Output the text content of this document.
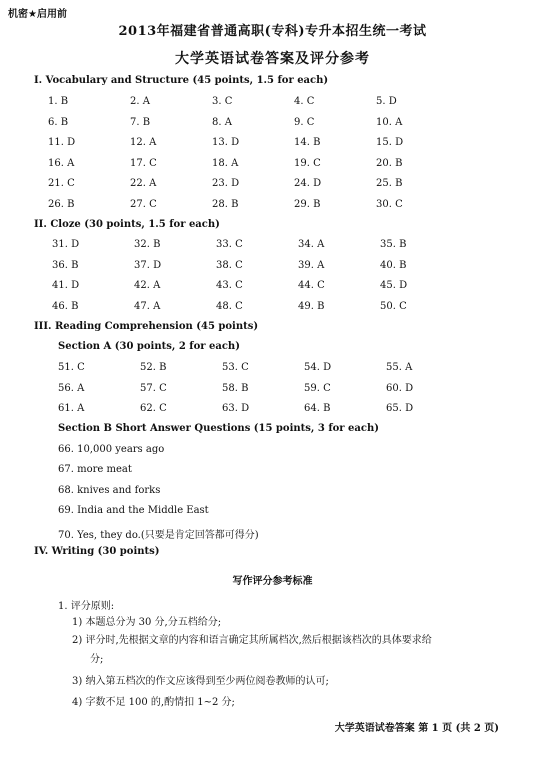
机密★启用前
2013年福建省普通高职(专科)专升本招生统一考试
大学英语试卷答案及评分参考
I. Vocabulary and Structure (45 points, 1.5 for each)
1. B	2. A	3. C	4. C	5. D
6. B	7. B	8. A	9. C	10. A
11. D	12. A	13. D	14. B	15. D
16. A	17. C	18. A	19. C	20. B
21. C	22. A	23. D	24. D	25. B
26. B	27. C	28. B	29. B	30. C
II. Cloze (30 points, 1.5 for each)
31. D	32. B	33. C	34. A	35. B
36. B	37. D	38. C	39. A	40. B
41. D	42. A	43. C	44. C	45. D
46. B	47. A	48. C	49. B	50. C
III. Reading Comprehension (45 points)
Section A (30 points, 2 for each)
51. C	52. B	53. C	54. D	55. A
56. A	57. C	58. B	59. C	60. D
61. A	62. C	63. D	64. B	65. D
Section B Short Answer Questions (15 points, 3 for each)
66. 10,000 years ago
67. more meat
68. knives and forks
69. India and the Middle East
70. Yes, they do.(只要是肯定回答都可得分)
IV. Writing (30 points)
写作评分参考标准
1. 评分原则:
1) 本题总分为 30 分,分五档给分;
2) 评分时,先根据文章的内容和语言确定其所属档次,然后根据该档次的具体要求给
分;
3) 纳入第五档次的作文应该得到至少两位阅卷教师的认可;
4) 字数不足 100 的,酌情扣 1~2 分;
大学英语试卷答案 第 1 页 (共 2 页)
